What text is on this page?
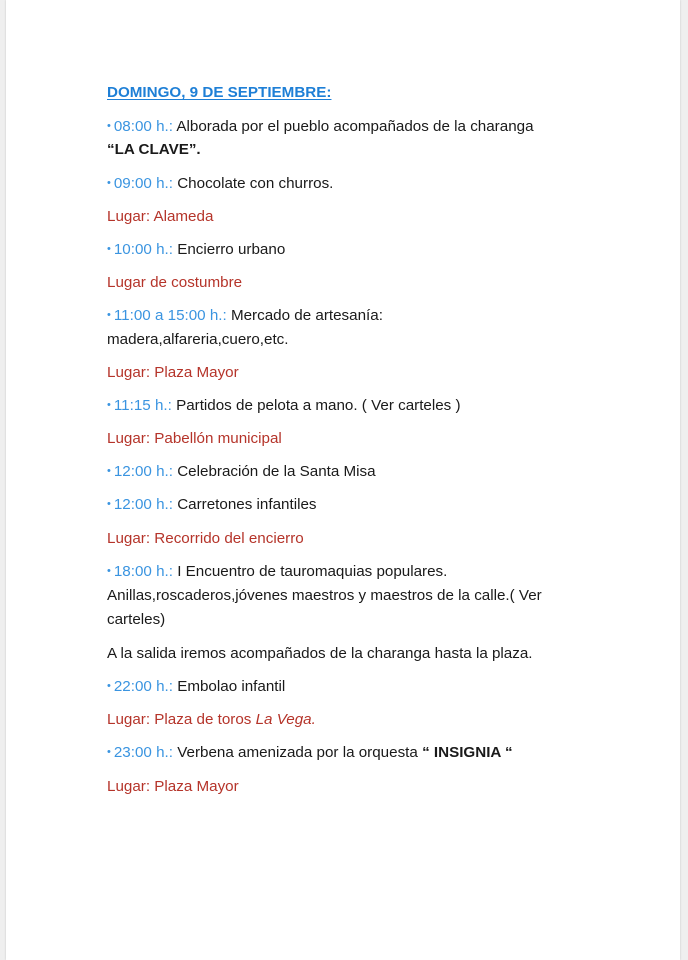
DOMINGO, 9 DE SEPTIEMBRE:

• 08:00 h.: Alborada por el pueblo acompañados de la charanga

“LA CLAVE”.

• 09:00 h.: Chocolate con churros.

Lugar: Alameda

• 10:00 h.: Encierro urbano

Lugar de costumbre

• 11:00 a 15:00 h.: Mercado de artesanía:

madera,alfareria,cuero,etc.

Lugar: Plaza Mayor

• 11:15 h.: Partidos de pelota a mano. ( Ver carteles )

Lugar: Pabellón municipal

• 12:00 h.: Celebración de la Santa Misa

• 12:00 h.: Carretones infantiles

Lugar: Recorrido del encierro

• 18:00 h.: I Encuentro de tauromaquias populares.

Anillas,roscaderos,jóvenes maestros y maestros de la calle.( Ver

carteles)

A la salida iremos acompañados de la charanga hasta la plaza.

• 22:00 h.: Embolao infantil

Lugar: Plaza de toros La Vega.

• 23:00 h.: Verbena amenizada por la orquesta “ INSIGNIA “

Lugar: Plaza Mayor
